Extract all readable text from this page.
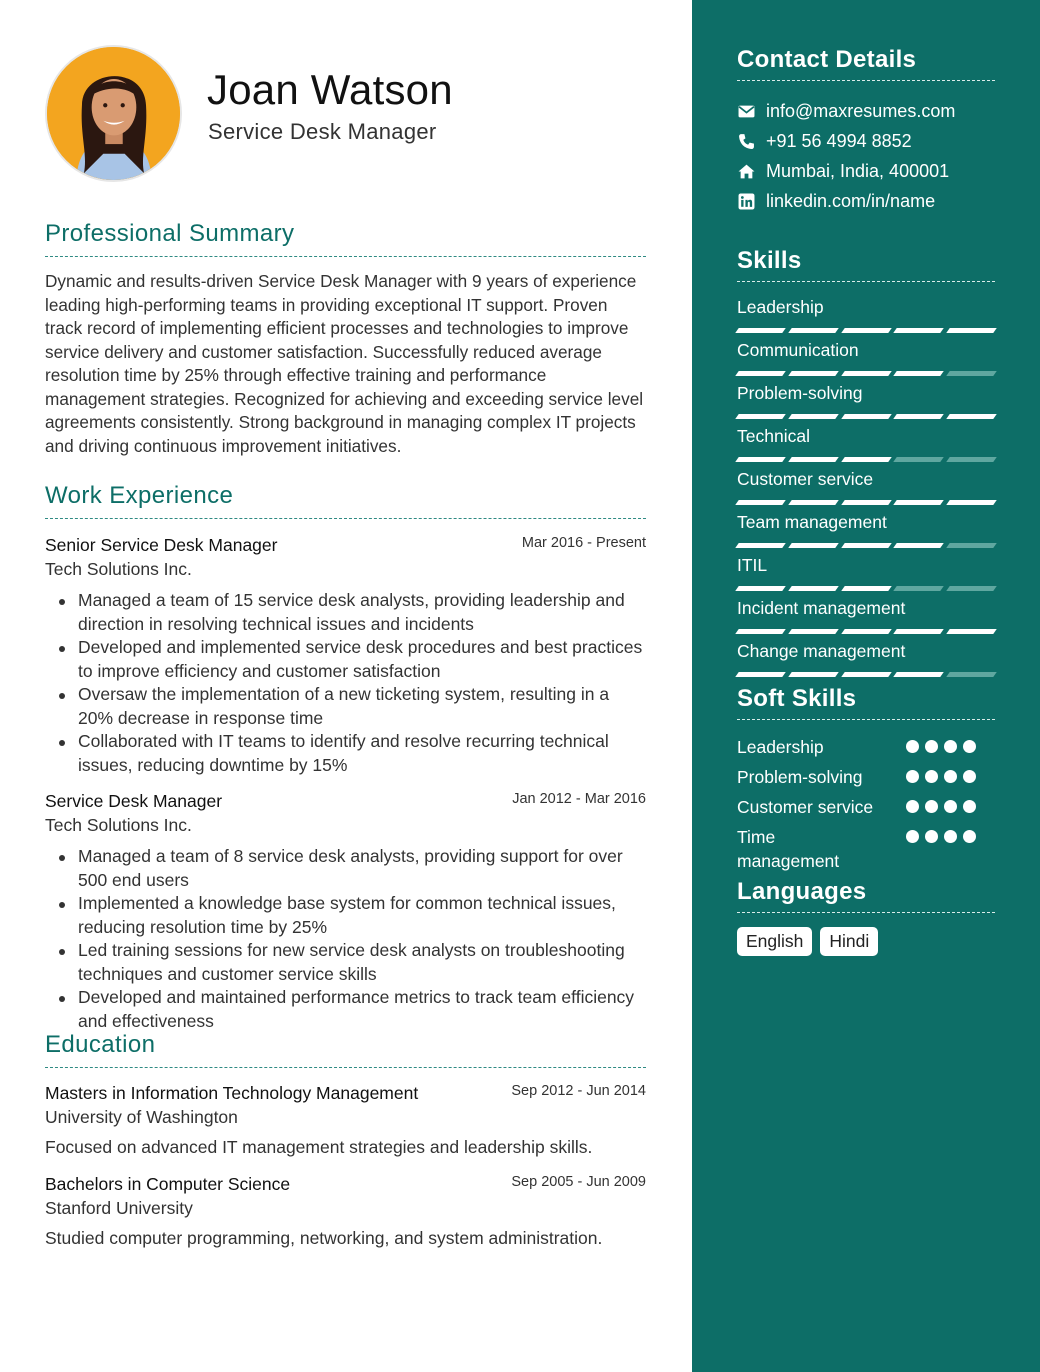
Joan Watson
Service Desk Manager
Professional Summary
Dynamic and results-driven Service Desk Manager with 9 years of experience leading high-performing teams in providing exceptional IT support. Proven track record of implementing efficient processes and technologies to improve service delivery and customer satisfaction. Successfully reduced average resolution time by 25% through effective training and performance management strategies. Recognized for achieving and exceeding service level agreements consistently. Strong background in managing complex IT projects and driving continuous improvement initiatives.
Work Experience
Senior Service Desk Manager	Mar 2016 - Present
Tech Solutions Inc.
Managed a team of 15 service desk analysts, providing leadership and direction in resolving technical issues and incidents
Developed and implemented service desk procedures and best practices to improve efficiency and customer satisfaction
Oversaw the implementation of a new ticketing system, resulting in a 20% decrease in response time
Collaborated with IT teams to identify and resolve recurring technical issues, reducing downtime by 15%
Service Desk Manager	Jan 2012 - Mar 2016
Tech Solutions Inc.
Managed a team of 8 service desk analysts, providing support for over 500 end users
Implemented a knowledge base system for common technical issues, reducing resolution time by 25%
Led training sessions for new service desk analysts on troubleshooting techniques and customer service skills
Developed and maintained performance metrics to track team efficiency and effectiveness
Education
Masters in Information Technology Management	Sep 2012 - Jun 2014
University of Washington
Focused on advanced IT management strategies and leadership skills.
Bachelors in Computer Science	Sep 2005 - Jun 2009
Stanford University
Studied computer programming, networking, and system administration.
Contact Details
info@maxresumes.com
+91 56 4994 8852
Mumbai, India, 400001
linkedin.com/in/name
Skills
Leadership
Communication
Problem-solving
Technical
Customer service
Team management
ITIL
Incident management
Change management
Soft Skills
Leadership
Problem-solving
Customer service
Time management
Languages
English	Hindi
